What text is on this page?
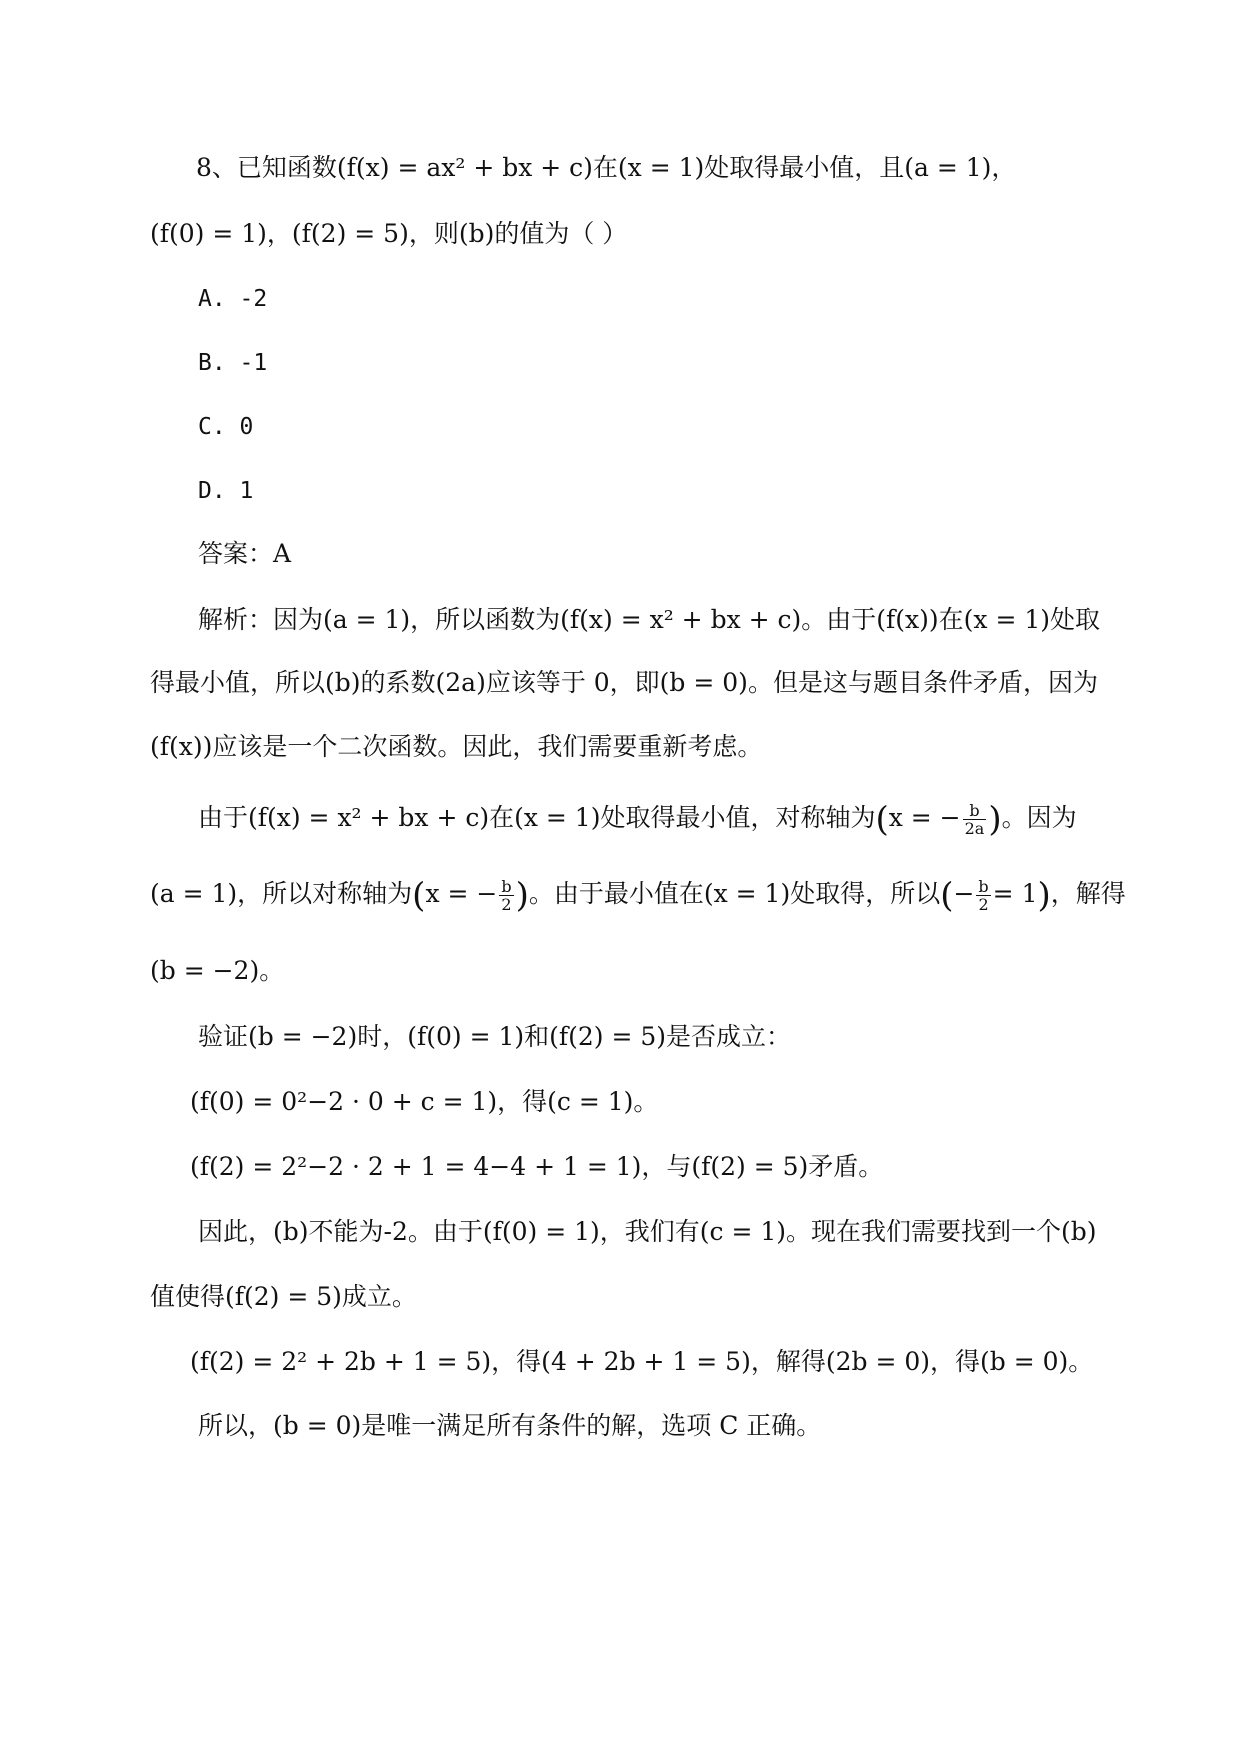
8、已知函数(f(x) = ax² + bx + c)在(x = 1)处取得最小值，且(a = 1)，
(f(0) = 1)，(f(2) = 5)，则(b)的值为（ ）
A. -2
B. -1
C. 0
D. 1
答案：A
解析：因为(a = 1)，所以函数为(f(x) = x² + bx + c)。由于(f(x))在(x = 1)处取
得最小值，所以(b)的系数(2a)应该等于 0，即(b = 0)。但是这与题目条件矛盾，因为
(f(x))应该是一个二次函数。因此，我们需要重新考虑。
由于(f(x) = x² + bx + c)在(x = 1)处取得最小值，对称轴为(x = − $\frac{b}{2a}$ )。因为
(a = 1)，所以对称轴为(x = − $\frac{b}{2}$ )。由于最小值在(x = 1)处取得，所以(− $\frac{b}{2} = 1$)，解得
(b = −2)。
验证(b = −2)时，(f(0) = 1)和(f(2) = 5)是否成立：
(f(0) = 0²−2 · 0 + c = 1)，得(c = 1)。
(f(2) = 2²−2 · 2 + 1 = 4−4 + 1 = 1)，与(f(2) = 5)矛盾。
因此，(b)不能为-2。由于(f(0) = 1)，我们有(c = 1)。现在我们需要找到一个(b)
值使得(f(2) = 5)成立。
(f(2) = 2² + 2b + 1 = 5)，得(4 + 2b + 1 = 5)，解得(2b = 0)，得(b = 0)。
所以，(b = 0)是唯一满足所有条件的解，选项 C 正确。
